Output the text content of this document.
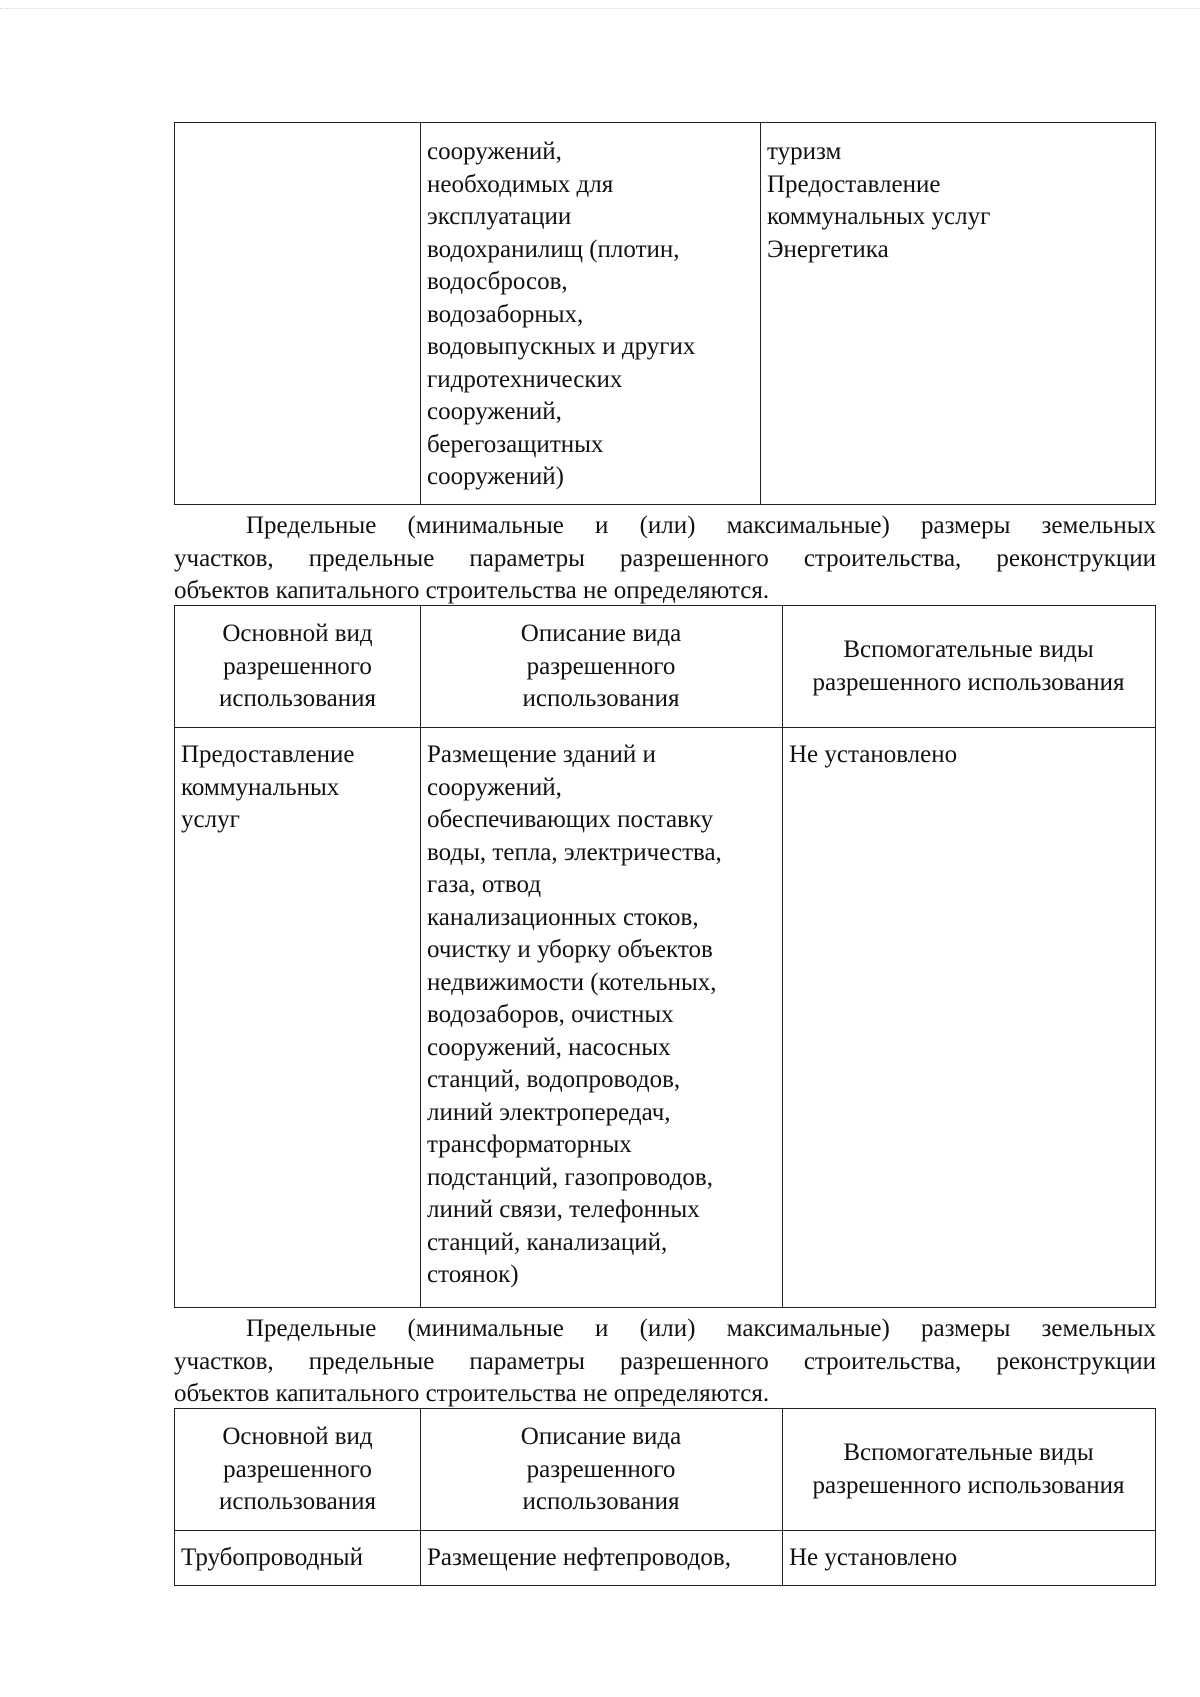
сооружений,
необходимых для
эксплуатации
водохранилищ (плотин,
водосбросов,
водозаборных,
водовыпускных и других
гидротехнических
сооружений,
берегозащитных
сооружений)
туризм
Предоставление
коммунальных услуг
Энергетика
Предельные (минимальные и (или) максимальные) размеры земельных
участков, предельные параметры разрешенного строительства, реконструкции
объектов капитального строительства не определяются.
Основной вид
разрешенного
использования
Описание вида
разрешенного
использования
Вспомогательные виды
разрешенного использования
Предоставление
коммунальных
услуг
Размещение зданий и
сооружений,
обеспечивающих поставку
воды, тепла, электричества,
газа, отвод
канализационных стоков,
очистку и уборку объектов
недвижимости (котельных,
водозаборов, очистных
сооружений, насосных
станций, водопроводов,
линий электропередач,
трансформаторных
подстанций, газопроводов,
линий связи, телефонных
станций, канализаций,
стоянок)
Не установлено
Предельные (минимальные и (или) максимальные) размеры земельных
участков, предельные параметры разрешенного строительства, реконструкции
объектов капитального строительства не определяются.
Основной вид
разрешенного
использования
Описание вида
разрешенного
использования
Вспомогательные виды
разрешенного использования
Трубопроводный	Размещение нефтепроводов,	Не установлено
